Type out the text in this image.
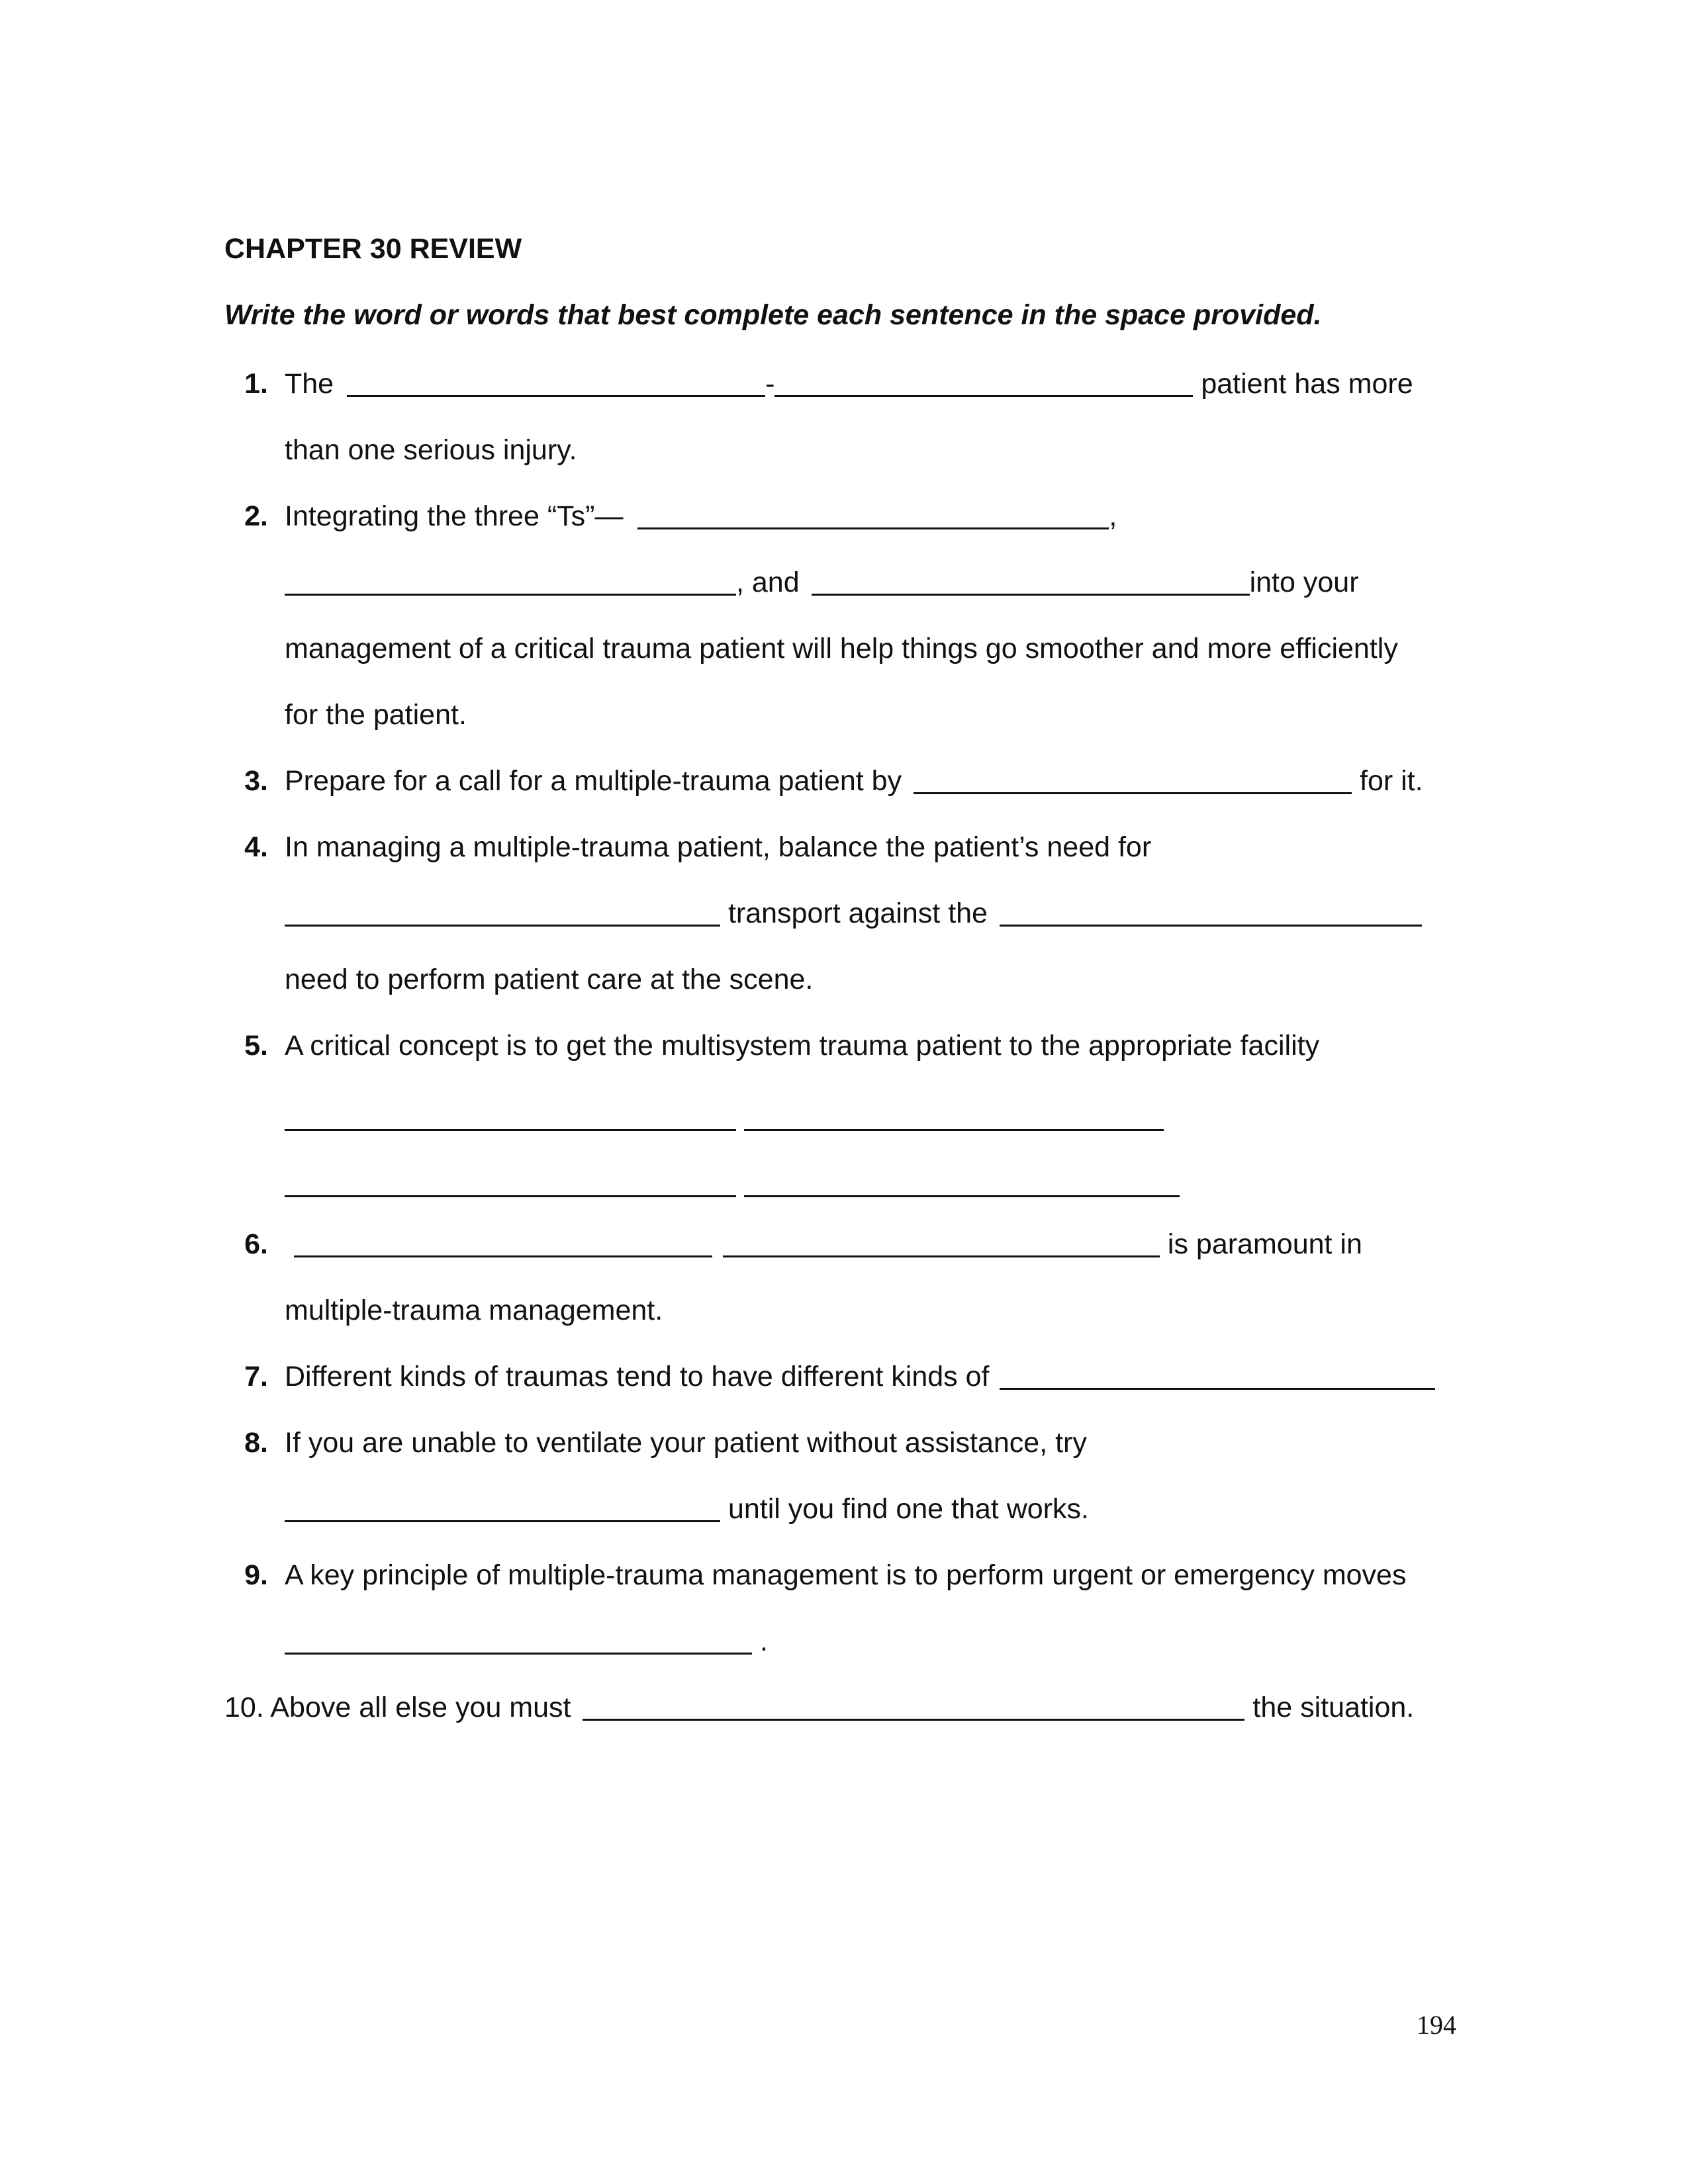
CHAPTER 30 REVIEW
Write the word or words that best complete each sentence in the space provided.
1. The	-	patient has more
than one serious injury.
2. Integrating the three “Ts”—	,
, and	into your
management of a critical trauma patient will help things go smoother and more efficiently
for the patient.
3. Prepare for a call for a multiple-trauma patient by	for it.
4. In managing a multiple-trauma patient, balance the patient’s need for
transport against the
need to perform patient care at the scene.
5. A critical concept is to get the multisystem trauma patient to the appropriate facility
6.	is paramount in
multiple-trauma management.
7. Different kinds of traumas tend to have different kinds of
8. If you are unable to ventilate your patient without assistance, try
until you find one that works.
9. A key principle of multiple-trauma management is to perform urgent or emergency moves
.
10. Above all else you must	the situation.
194
